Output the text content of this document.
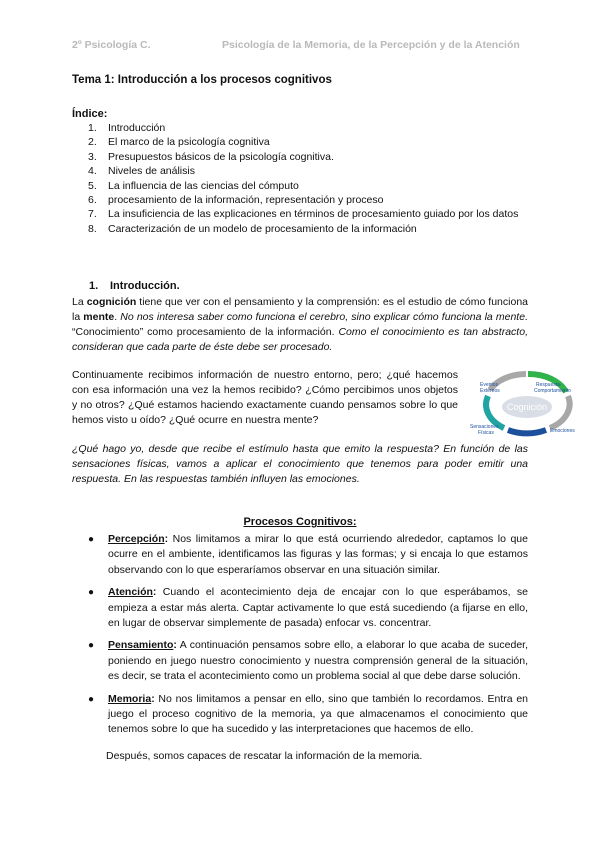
2º Psicología C.	Psicología de la Memoria, de la Percepción y de la Atención
Tema 1: Introducción a los procesos cognitivos
Índice:
1. Introducción
2. El marco de la psicología cognitiva
3. Presupuestos básicos de la psicología cognitiva.
4. Niveles de análisis
5. La influencia de las ciencias del cómputo
6. procesamiento de la información, representación y proceso
7. La insuficiencia de las explicaciones en términos de procesamiento guiado por los datos
8. Caracterización de un modelo de procesamiento de la información
1. Introducción.
La cognición tiene que ver con el pensamiento y la comprensión: es el estudio de cómo funciona la mente. No nos interesa saber como funciona el cerebro, sino explicar cómo funciona la mente. “Conocimiento” como procesamiento de la información. Como el conocimiento es tan abstracto, consideran que cada parte de éste debe ser procesado.
Continuamente recibimos información de nuestro entorno, pero; ¿qué hacemos con esa información una vez la hemos recibido? ¿Cómo percibimos unos objetos y no otros? ¿Qué estamos haciendo exactamente cuando pensamos sobre lo que hemos visto u oído? ¿Qué ocurre en nuestra mente?
Cognición
Eventos
Externos
Respuesta-
Comportamiento
Sensaciones
Físicas	Emociones
¿Qué hago yo, desde que recibe el estímulo hasta que emito la respuesta? En función de las sensaciones físicas, vamos a aplicar el conocimiento que tenemos para poder emitir una respuesta. En las respuestas también influyen las emociones.
Procesos Cognitivos:
● Percepción: Nos limitamos a mirar lo que está ocurriendo alrededor, captamos lo que ocurre en el ambiente, identificamos las figuras y las formas; y si encaja lo que estamos observando con lo que esperaríamos observar en una situación similar.
● Atención: Cuando el acontecimiento deja de encajar con lo que esperábamos, se empieza a estar más alerta. Captar activamente lo que está sucediendo (a fijarse en ello, en lugar de observar simplemente de pasada) enfocar vs. concentrar.
● Pensamiento: A continuación pensamos sobre ello, a elaborar lo que acaba de suceder, poniendo en juego nuestro conocimiento y nuestra comprensión general de la situación, es decir, se trata el acontecimiento como un problema social al que debe darse solución.
● Memoria: No nos limitamos a pensar en ello, sino que también lo recordamos. Entra en juego el proceso cognitivo de la memoria, ya que almacenamos el conocimiento que tenemos sobre lo que ha sucedido y las interpretaciones que hacemos de ello.
Después, somos capaces de rescatar la información de la memoria.
